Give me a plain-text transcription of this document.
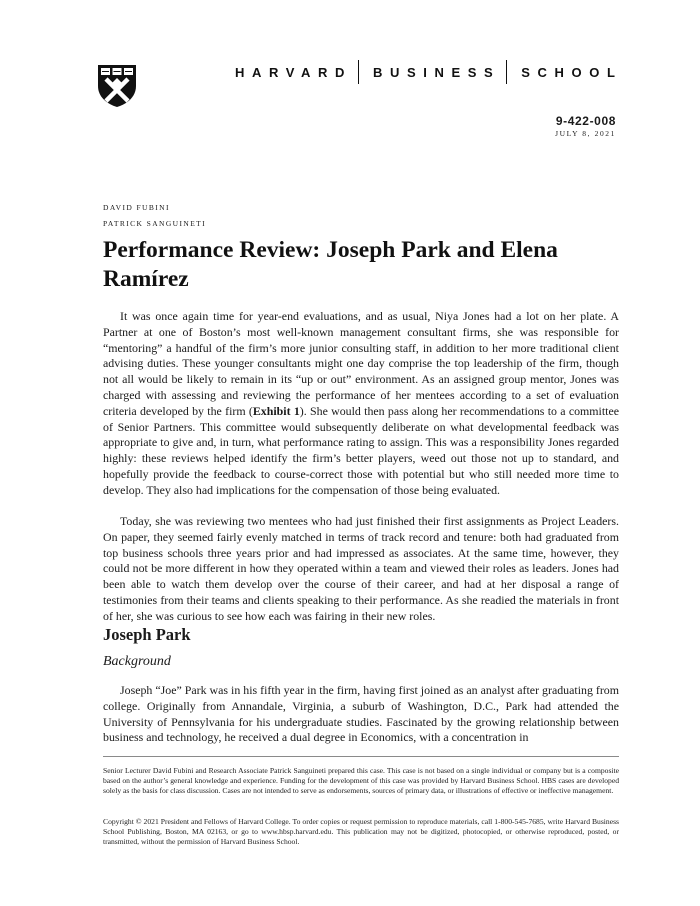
HARVARD BUSINESS SCHOOL
9-422-008
JULY 8, 2021
DAVID FUBINI
PATRICK SANGUINETI
Performance Review: Joseph Park and Elena Ramírez

It was once again time for year-end evaluations, and as usual, Niya Jones had a lot on her plate. A Partner at one of Boston’s most well-known management consultant firms, she was responsible for “mentoring” a handful of the firm’s more junior consulting staff, in addition to her more traditional client advising duties. These younger consultants might one day comprise the top leadership of the firm, though not all would be likely to remain in its “up or out” environment. As an assigned group mentor, Jones was charged with assessing and reviewing the performance of her mentees according to a set of evaluation criteria developed by the firm (Exhibit 1). She would then pass along her recommendations to a committee of Senior Partners. This committee would subsequently deliberate on what developmental feedback was appropriate to give and, in turn, what performance rating to assign. This was a responsibility Jones regarded highly: these reviews helped identify the firm’s better players, weed out those not up to standard, and hopefully provide the feedback to course-correct those with potential but who still needed more time to develop. They also had implications for the compensation of those being evaluated.

Today, she was reviewing two mentees who had just finished their first assignments as Project Leaders. On paper, they seemed fairly evenly matched in terms of track record and tenure: both had graduated from top business schools three years prior and had impressed as associates. At the same time, however, they could not be more different in how they operated within a team and viewed their roles as leaders. Jones had been able to watch them develop over the course of their career, and had at her disposal a range of testimonies from their teams and clients speaking to their performance. As she readied the materials in front of her, she was curious to see how each was fairing in their new roles.

Joseph Park
Background

Joseph “Joe” Park was in his fifth year in the firm, having first joined as an analyst after graduating from college. Originally from Annandale, Virginia, a suburb of Washington, D.C., Park had attended the University of Pennsylvania for his undergraduate studies. Fascinated by the growing relationship between business and technology, he received a dual degree in Economics, with a concentration in

Senior Lecturer David Fubini and Research Associate Patrick Sanguineti prepared this case. This case is not based on a single individual or company but is a composite based on the author’s general knowledge and experience. Funding for the development of this case was provided by Harvard Business School. HBS cases are developed solely as the basis for class discussion. Cases are not intended to serve as endorsements, sources of primary data, or illustrations of effective or ineffective management.

Copyright © 2021 President and Fellows of Harvard College. To order copies or request permission to reproduce materials, call 1-800-545-7685, write Harvard Business School Publishing, Boston, MA 02163, or go to www.hbsp.harvard.edu. This publication may not be digitized, photocopied, or otherwise reproduced, posted, or transmitted, without the permission of Harvard Business School.
